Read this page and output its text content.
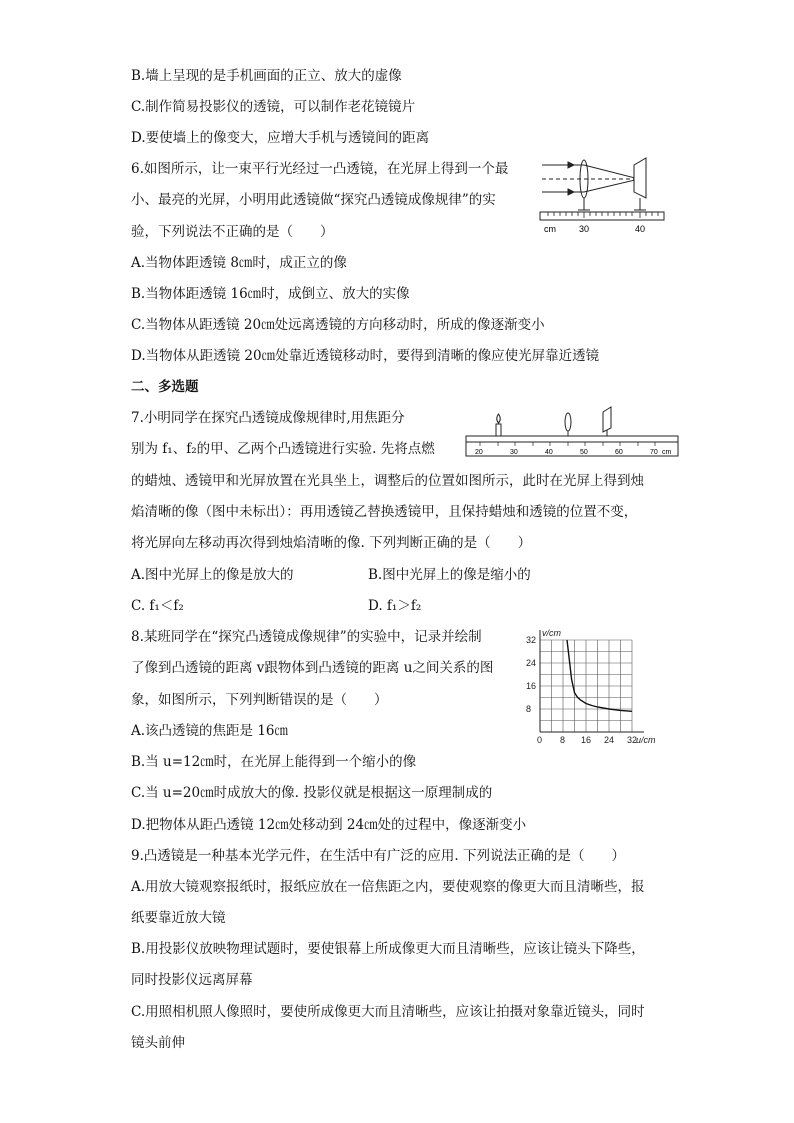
B.墙上呈现的是手机画面的正立、放大的虚像
C.制作简易投影仪的透镜，可以制作老花镜镜片
D.要使墙上的像变大，应增大手机与透镜间的距离
6.如图所示，让一束平行光经过一凸透镜，在光屏上得到一个最
小、最亮的光屏，小明用此透镜做“探究凸透镜成像规律”的实
验，下列说法不正确的是（　　）
A.当物体距透镜 8㎝时，成正立的像
B.当物体距透镜 16㎝时，成倒立、放大的实像
C.当物体从距透镜 20㎝处远离透镜的方向移动时，所成的像逐渐变小
D.当物体从距透镜 20㎝处靠近透镜移动时，要得到清晰的像应使光屏靠近透镜
二、多选题
7.小明同学在探究凸透镜成像规律时,用焦距分
别为 f₁、f₂的甲、乙两个凸透镜进行实验. 先将点燃
的蜡烛、透镜甲和光屏放置在光具坐上，调整后的位置如图所示，此时在光屏上得到烛
焰清晰的像（图中未标出）：再用透镜乙替换透镜甲，且保持蜡烛和透镜的位置不变，
将光屏向左移动再次得到烛焰清晰的像. 下列判断正确的是（　　）
A.图中光屏上的像是放大的	B.图中光屏上的像是缩小的
C. f₁＜f₂	D. f₁＞f₂
8.某班同学在“探究凸透镜成像规律”的实验中，记录并绘制
了像到凸透镜的距离 v跟物体到凸透镜的距离 u之间关系的图
象，如图所示，下列判断错误的是（　　）
A.该凸透镜的焦距是 16㎝
B.当 u=12㎝时，在光屏上能得到一个缩小的像
C.当 u=20㎝时成放大的像. 投影仪就是根据这一原理制成的
D.把物体从距凸透镜 12㎝处移动到 24㎝处的过程中，像逐渐变小
9.凸透镜是一种基本光学元件，在生活中有广泛的应用. 下列说法正确的是（　　）
A.用放大镜观察报纸时，报纸应放在一倍焦距之内，要使观察的像更大而且清晰些，报
纸要靠近放大镜
B.用投影仪放映物理试题时，要使银幕上所成像更大而且清晰些，应该让镜头下降些，
同时投影仪远离屏幕
C.用照相机照人像照时，要使所成像更大而且清晰些，应该让拍摄对象靠近镜头，同时
镜头前伸
cm	30	40
20	30	40	50	60	70 cm
0 8 16 24 32
8
16
24
32
u/cm
v/cm
